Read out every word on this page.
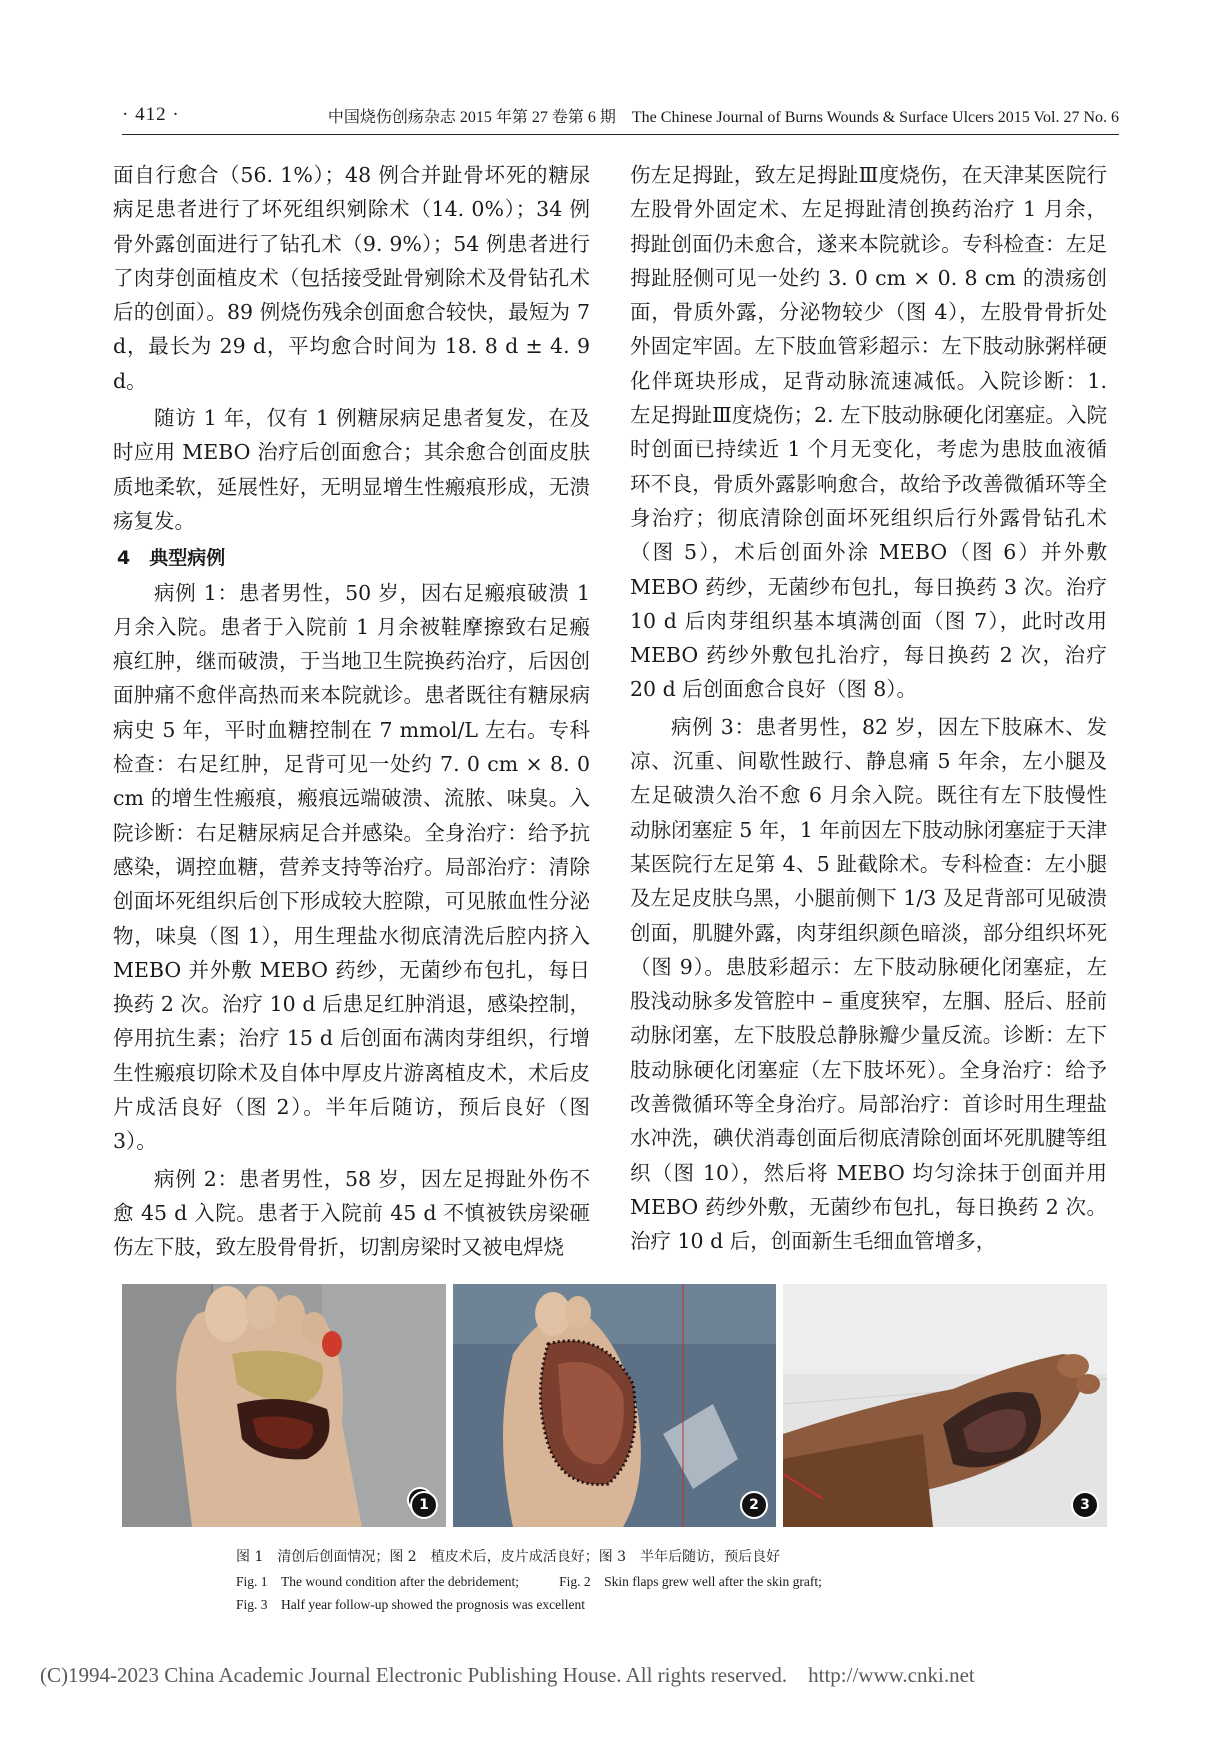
· 412 ·	中国烧伤创疡杂志 2015 年第 27 卷第 6 期　The Chinese Journal of Burns Wounds & Surface Ulcers 2015 Vol. 27 No. 6

面自行愈合（56. 1%）；48 例合并趾骨坏死的糖尿病足患者进行了坏死组织剜除术（14. 0%）；34 例骨外露创面进行了钻孔术（9. 9%）；54 例患者进行了肉芽创面植皮术（包括接受趾骨剜除术及骨钻孔术后的创面）。89 例烧伤残余创面愈合较快，最短为 7 d，最长为 29 d，平均愈合时间为 18. 8 d ± 4. 9 d。

随访 1 年，仅有 1 例糖尿病足患者复发，在及时应用 MEBO 治疗后创面愈合；其余愈合创面皮肤质地柔软，延展性好，无明显增生性瘢痕形成，无溃疡复发。

4　典型病例

病例 1：患者男性，50 岁，因右足瘢痕破溃 1 月余入院。患者于入院前 1 月余被鞋摩擦致右足瘢痕红肿，继而破溃，于当地卫生院换药治疗，后因创面肿痛不愈伴高热而来本院就诊。患者既往有糖尿病病史 5 年，平时血糖控制在 7 mmol/L 左右。专科检查：右足红肿，足背可见一处约 7. 0 cm × 8. 0 cm 的增生性瘢痕，瘢痕远端破溃、流脓、味臭。入院诊断：右足糖尿病足合并感染。全身治疗：给予抗感染，调控血糖，营养支持等治疗。局部治疗：清除创面坏死组织后创下形成较大腔隙，可见脓血性分泌物，味臭（图 1），用生理盐水彻底清洗后腔内挤入 MEBO 并外敷 MEBO 药纱，无菌纱布包扎，每日换药 2 次。治疗 10 d 后患足红肿消退，感染控制，停用抗生素；治疗 15 d 后创面布满肉芽组织，行增生性瘢痕切除术及自体中厚皮片游离植皮术，术后皮片成活良好（图 2）。半年后随访，预后良好（图 3）。

病例 2：患者男性，58 岁，因左足拇趾外伤不愈 45 d 入院。患者于入院前 45 d 不慎被铁房梁砸伤左下肢，致左股骨骨折，切割房梁时又被电焊烧

伤左足拇趾，致左足拇趾Ⅲ度烧伤，在天津某医院行左股骨外固定术、左足拇趾清创换药治疗 1 月余，拇趾创面仍未愈合，遂来本院就诊。专科检查：左足拇趾胫侧可见一处约 3. 0 cm × 0. 8 cm 的溃疡创面，骨质外露，分泌物较少（图 4），左股骨骨折处外固定牢固。左下肢血管彩超示：左下肢动脉粥样硬化伴斑块形成，足背动脉流速减低。入院诊断：1. 左足拇趾Ⅲ度烧伤；2. 左下肢动脉硬化闭塞症。入院时创面已持续近 1 个月无变化，考虑为患肢血液循环不良，骨质外露影响愈合，故给予改善微循环等全身治疗；彻底清除创面坏死组织后行外露骨钻孔术（图 5），术后创面外涂 MEBO（图 6）并外敷 MEBO 药纱，无菌纱布包扎，每日换药 3 次。治疗 10 d 后肉芽组织基本填满创面（图 7），此时改用 MEBO 药纱外敷包扎治疗，每日换药 2 次，治疗 20 d 后创面愈合良好（图 8）。

病例 3：患者男性，82 岁，因左下肢麻木、发凉、沉重、间歇性跛行、静息痛 5 年余，左小腿及左足破溃久治不愈 6 月余入院。既往有左下肢慢性动脉闭塞症 5 年，1 年前因左下肢动脉闭塞症于天津某医院行左足第 4、5 趾截除术。专科检查：左小腿及左足皮肤乌黑，小腿前侧下 1/3 及足背部可见破溃创面，肌腱外露，肉芽组织颜色暗淡，部分组织坏死（图 9）。患肢彩超示：左下肢动脉硬化闭塞症，左股浅动脉多发管腔中 – 重度狭窄，左腘、胫后、胫前动脉闭塞，左下肢股总静脉瓣少量反流。诊断：左下肢动脉硬化闭塞症（左下肢坏死）。全身治疗：给予改善微循环等全身治疗。局部治疗：首诊时用生理盐水冲洗，碘伏消毒创面后彻底清除创面坏死肌腱等组织（图 10），然后将 MEBO 均匀涂抹于创面并用 MEBO 药纱外敷，无菌纱布包扎，每日换药 2 次。治疗 10 d 后，创面新生毛细血管增多，

1	2	3
图 1　清创后创面情况；图 2　植皮术后，皮片成活良好；图 3　半年后随访，预后良好
Fig. 1　The wound condition after the debridement;	Fig. 2　Skin flaps grew well after the skin graft;
Fig. 3　Half year follow-up showed the prognosis was excellent
(C)1994-2023 China Academic Journal Electronic Publishing House. All rights reserved. http://www.cnki.net
